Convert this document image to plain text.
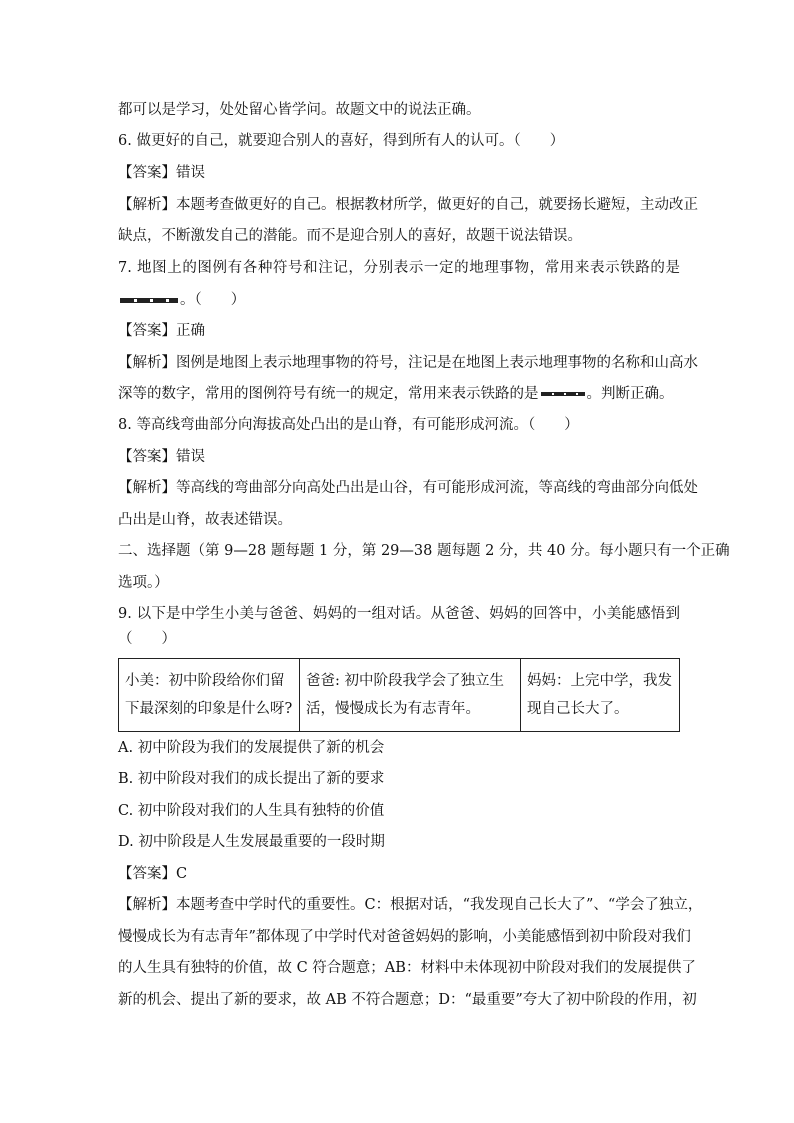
都可以是学习，处处留心皆学问。故题文中的说法正确。
6. 做更好的自己，就要迎合别人的喜好，得到所有人的认可。（　　）
【答案】错误
【解析】本题考查做更好的自己。根据教材所学，做更好的自己，就要扬长避短，主动改正
缺点，不断激发自己的潜能。而不是迎合别人的喜好，故题干说法错误。
7. 地图上的图例有各种符号和注记，分别表示一定的地理事物，常用来表示铁路的是
。（　　）
【答案】正确
【解析】图例是地图上表示地理事物的符号，注记是在地图上表示地理事物的名称和山高水
深等的数字，常用的图例符号有统一的规定，常用来表示铁路的是	。判断正确。
8. 等高线弯曲部分向海拔高处凸出的是山脊，有可能形成河流。（　　）
【答案】错误
【解析】等高线的弯曲部分向高处凸出是山谷，有可能形成河流，等高线的弯曲部分向低处
凸出是山脊，故表述错误。
二、选择题（第 9—28 题每题 1 分，第 29—38 题每题 2 分，共 40 分。每小题只有一个正确
选项。）
9. 以下是中学生小美与爸爸、妈妈的一组对话。从爸爸、妈妈的回答中，小美能感悟到
（　　）
小美：初中阶段给你们留下最深刻的印象是什么呀?	爸爸: 初中阶段我学会了独立生活，慢慢成长为有志青年。	妈妈：上完中学，我发现自己长大了。
A. 初中阶段为我们的发展提供了新的机会
B. 初中阶段对我们的成长提出了新的要求
C. 初中阶段对我们的人生具有独特的价值
D. 初中阶段是人生发展最重要的一段时期
【答案】C
【解析】本题考查中学时代的重要性。C：根据对话，“我发现自己长大了”、“学会了独立，
慢慢成长为有志青年”都体现了中学时代对爸爸妈妈的影响，小美能感悟到初中阶段对我们
的人生具有独特的价值，故 C 符合题意；AB：材料中未体现初中阶段对我们的发展提供了
新的机会、提出了新的要求，故 AB 不符合题意；D：“最重要”夸大了初中阶段的作用，初
